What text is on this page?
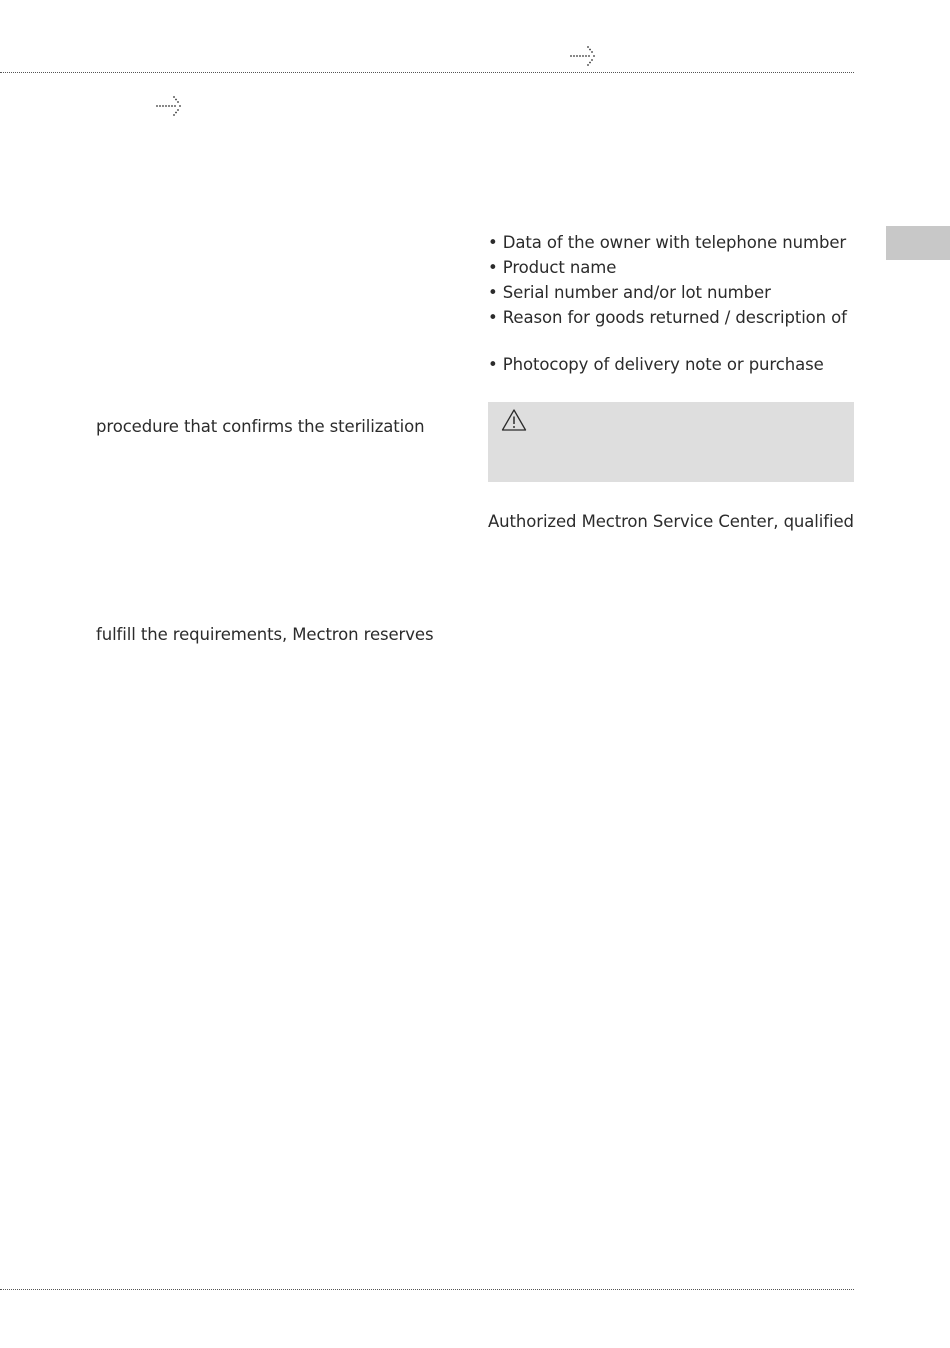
• Data of the owner with telephone number
• Product name
• Serial number and/or lot number
• Reason for goods returned / description of
• Photocopy of delivery note or purchase
procedure that confirms the sterilization
fulfill the requirements, Mectron reserves
Authorized Mectron Service Center, qualified
